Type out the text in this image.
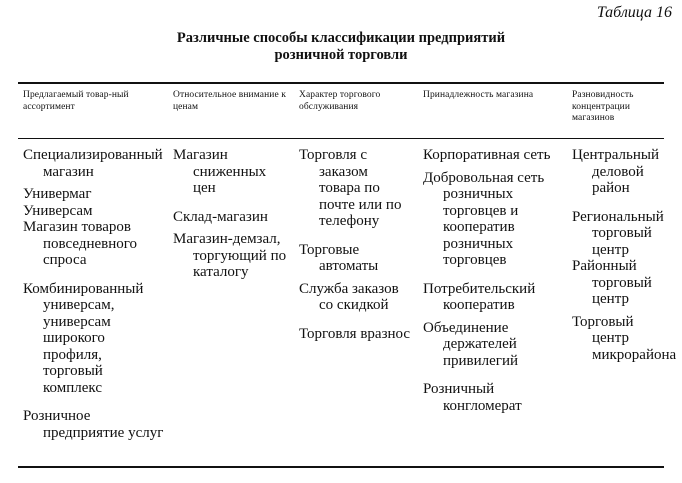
Таблица 16
Различные способы классификации предприятий
розничной торговли
Предлагаемый товар-ный ассортимент
Специализированный магазин
Универмаг
Универсам
Магазин товаров повседневного спроса
Комбинированный универсам, универсам широкого профиля, торговый комплекс
Розничное предприятие услуг
Относительное внимание к ценам
Магазин сниженных цен
Склад-магазин
Магазин-демзал, торгующий по каталогу
Характер торгового обслуживания
Торговля с заказом товара по почте или по телефону
Торговые автоматы
Служба заказов со скидкой
Торговля вразнос
Принадлежность магазина
Корпоративная сеть
Добровольная сеть розничных торговцев и кооператив розничных торговцев
Потребительский кооператив
Объединение держателей привилегий
Розничный конгломерат
Разновидность концентрации магазинов
Центральный деловой район
Региональный торговый центр
Районный торговый центр
Торговый центр микрорайона
